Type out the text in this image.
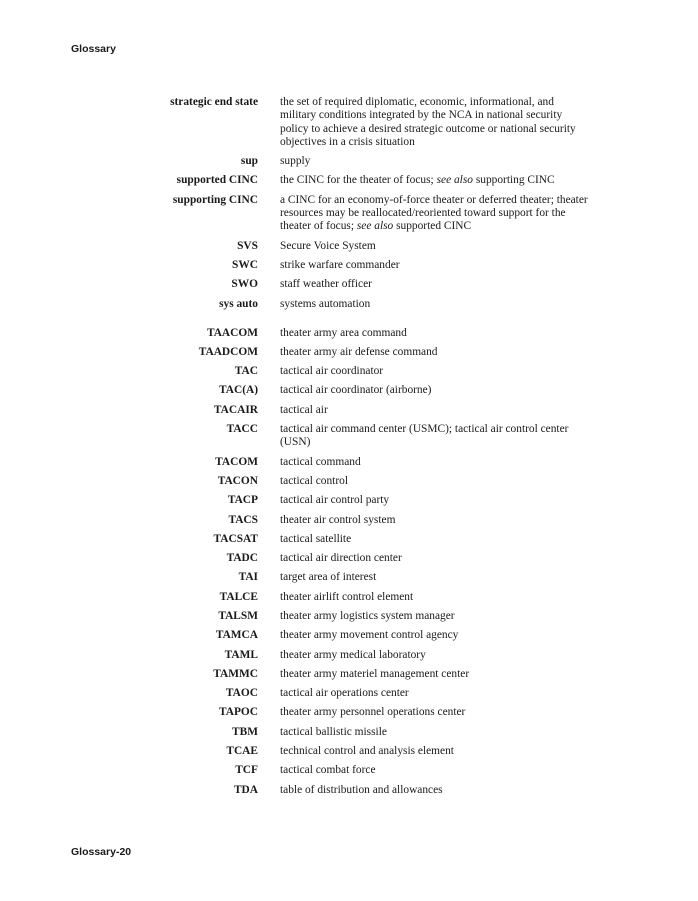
Glossary
strategic end state the set of required diplomatic, economic, informational, and military conditions integrated by the NCA in national security policy to achieve a desired strategic outcome or national security objectives in a crisis situation
sup supply
supported CINC the CINC for the theater of focus; see also supporting CINC
supporting CINC a CINC for an economy-of-force theater or deferred theater; theater resources may be reallocated/reoriented toward support for the theater of focus; see also supported CINC
SVS Secure Voice System
SWC strike warfare commander
SWO staff weather officer
sys auto systems automation
TAACOM theater army area command
TAADCOM theater army air defense command
TAC tactical air coordinator
TAC(A) tactical air coordinator (airborne)
TACAIR tactical air
TACC tactical air command center (USMC); tactical air control center (USN)
TACOM tactical command
TACON tactical control
TACP tactical air control party
TACS theater air control system
TACSAT tactical satellite
TADC tactical air direction center
TAI target area of interest
TALCE theater airlift control element
TALSM theater army logistics system manager
TAMCA theater army movement control agency
TAML theater army medical laboratory
TAMMC theater army materiel management center
TAOC tactical air operations center
TAPOC theater army personnel operations center
TBM tactical ballistic missile
TCAE technical control and analysis element
TCF tactical combat force
TDA table of distribution and allowances
Glossary-20
